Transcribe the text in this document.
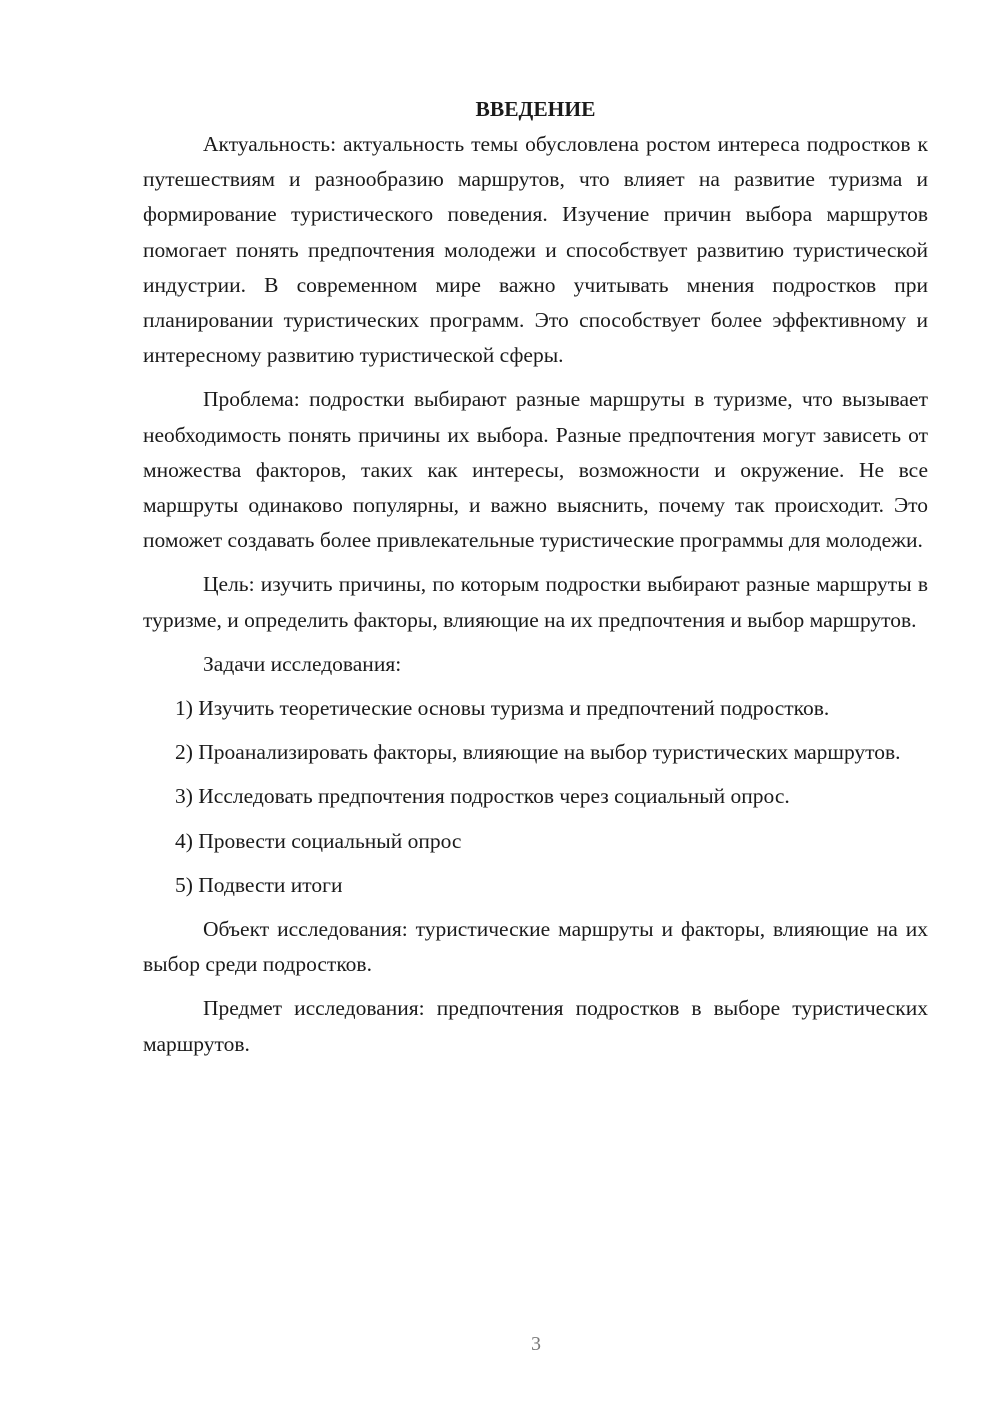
ВВЕДЕНИЕ

Актуальность: актуальность темы обусловлена ростом интереса подростков к путешествиям и разнообразию маршрутов, что влияет на развитие туризма и формирование туристического поведения. Изучение причин выбора маршрутов помогает понять предпочтения молодежи и способствует развитию туристической индустрии. В современном мире важно учитывать мнения подростков при планировании туристических программ. Это способствует более эффективному и интересному развитию туристической сферы.

Проблема: подростки выбирают разные маршруты в туризме, что вызывает необходимость понять причины их выбора. Разные предпочтения могут зависеть от множества факторов, таких как интересы, возможности и окружение. Не все маршруты одинаково популярны, и важно выяснить, почему так происходит. Это поможет создавать более привлекательные туристические программы для молодежи.

Цель: изучить причины, по которым подростки выбирают разные маршруты в туризме, и определить факторы, влияющие на их предпочтения и выбор маршрутов.

Задачи исследования:

1) Изучить теоретические основы туризма и предпочтений подростков.

2) Проанализировать факторы, влияющие на выбор туристических маршрутов.

3) Исследовать предпочтения подростков через социальный опрос.

4) Провести социальный опрос

5) Подвести итоги

Объект исследования: туристические маршруты и факторы, влияющие на их выбор среди подростков.

Предмет исследования: предпочтения подростков в выборе туристических маршрутов.

3
